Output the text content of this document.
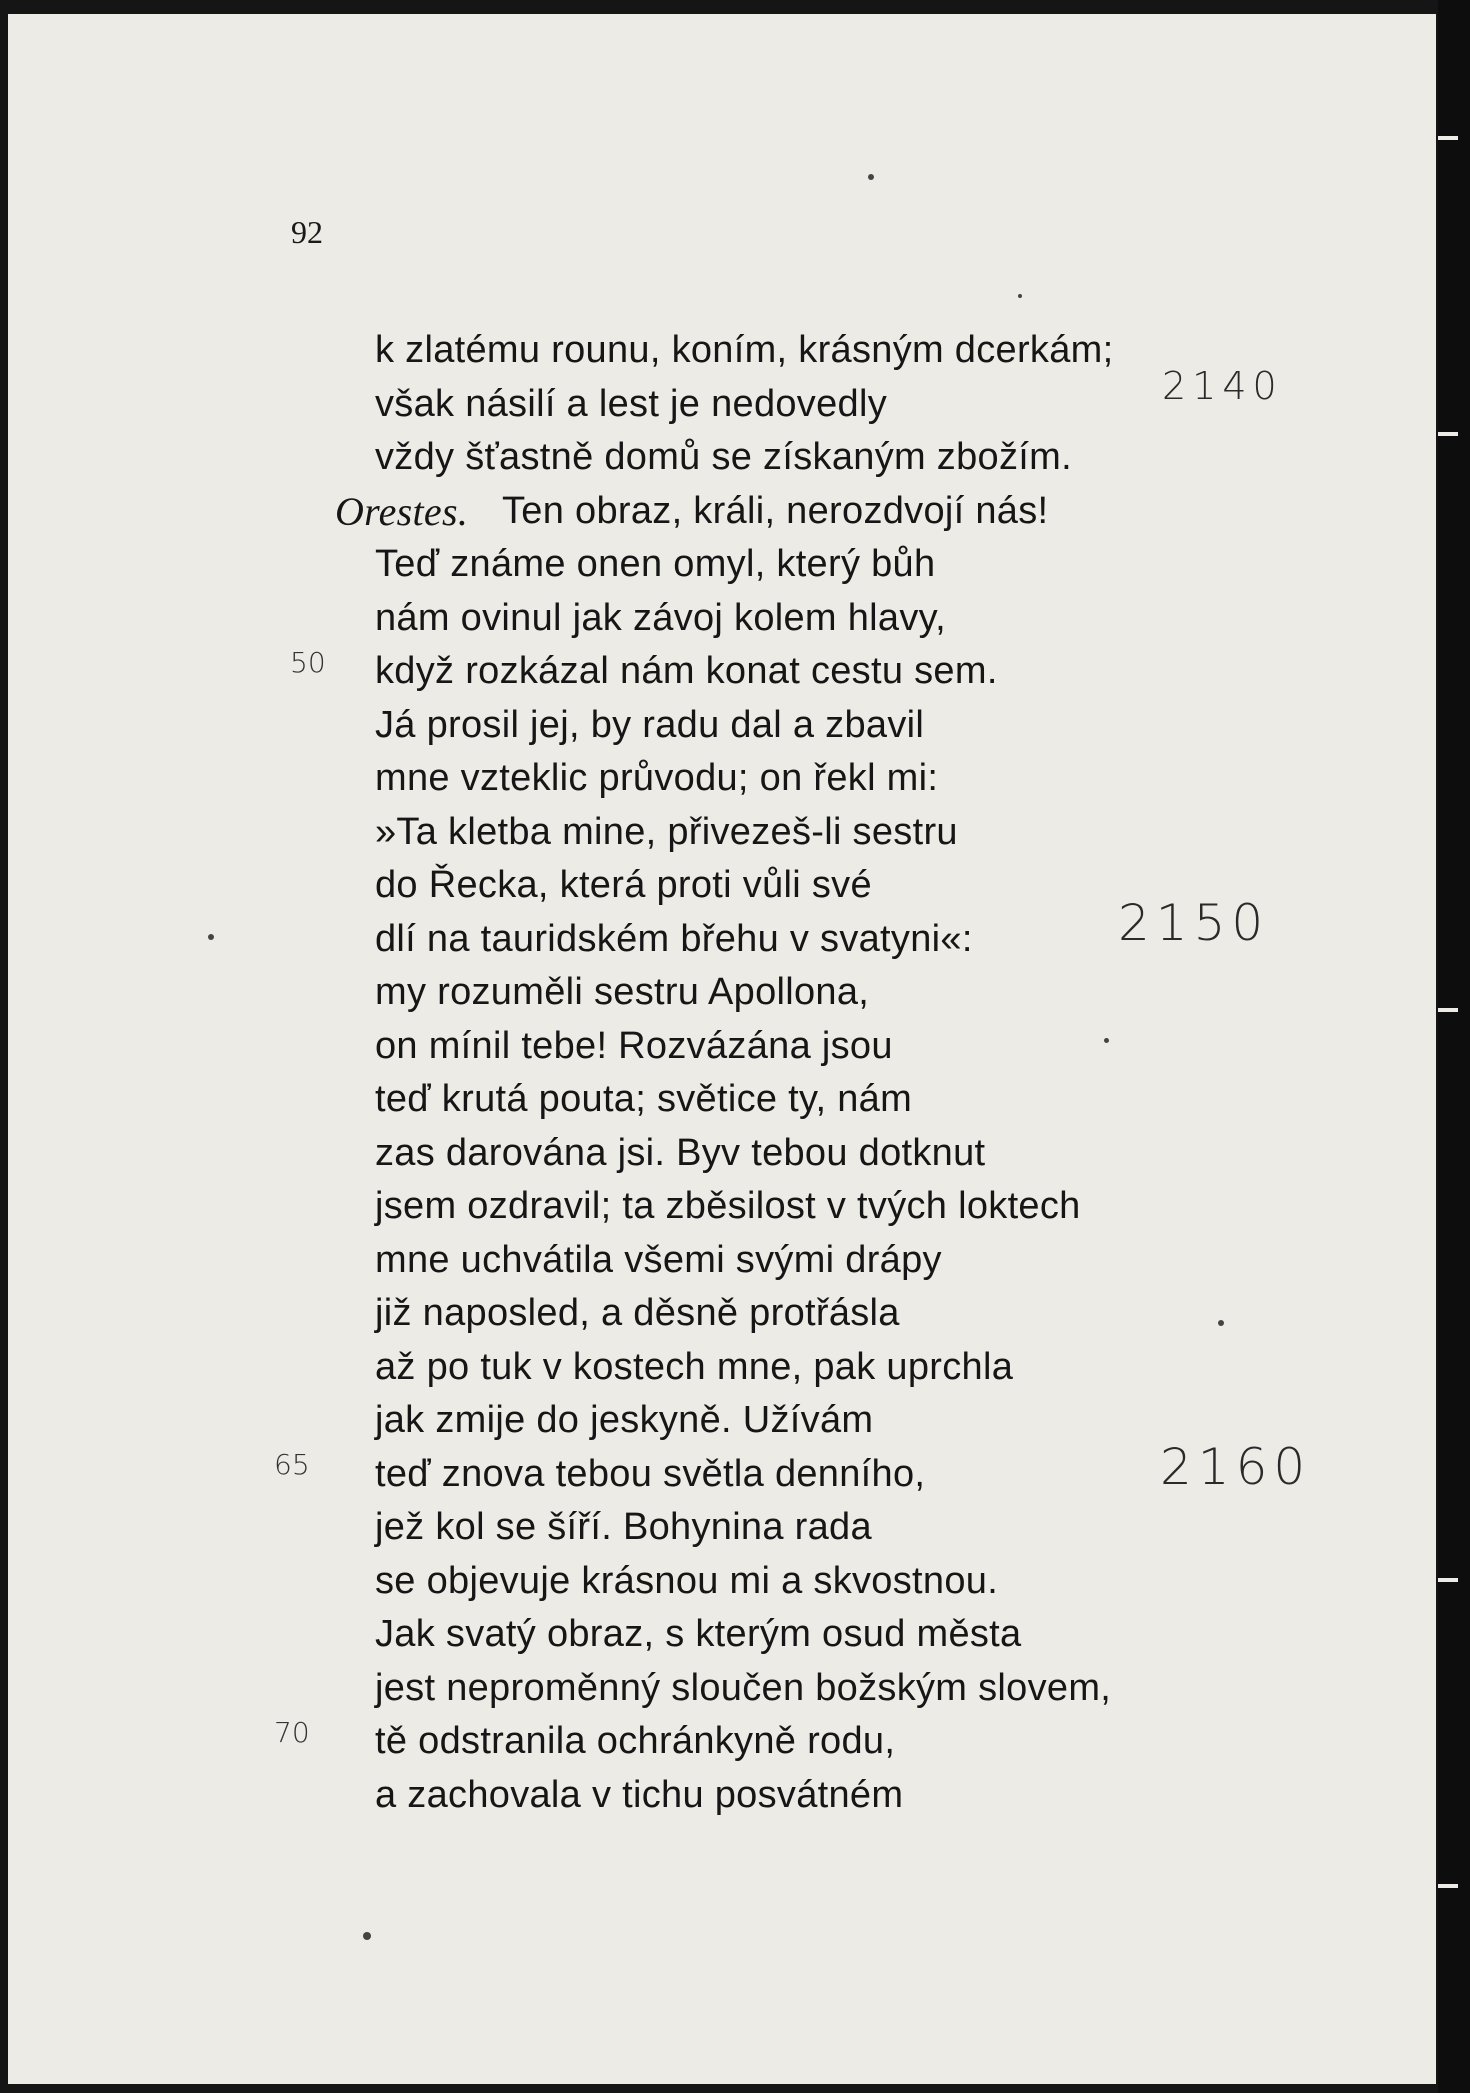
92
k zlatému rounu, koním, krásným dcerkám;
však násilí a lest je nedovedly
vždy šťastně domů se získaným zbožím.
Orestes. Ten obraz, králi, nerozdvojí nás!
Teď známe onen omyl, který bůh
nám ovinul jak závoj kolem hlavy,
když rozkázal nám konat cestu sem.
Já prosil jej, by radu dal a zbavil
mne vzteklic průvodu; on řekl mi:
»Ta kletba mine, přivezeš-li sestru
do Řecka, která proti vůli své
dlí na tauridském břehu v svatyni«:
my rozuměli sestru Apollona,
on mínil tebe! Rozvázána jsou
teď krutá pouta; světice ty, nám
zas darována jsi. Byv tebou dotknut
jsem ozdravil; ta zběsilost v tvých loktech
mne uchvátila všemi svými drápy
již naposled, a děsně protřásla
až po tuk v kostech mne, pak uprchla
jak zmije do jeskyně. Užívám
teď znova tebou světla denního,
jež kol se šíří. Bohynina rada
se objevuje krásnou mi a skvostnou.
Jak svatý obraz, s kterým osud města
jest neproměnný sloučen božským slovem,
tě odstranila ochránkyně rodu,
a zachovala v tichu posvátném
50
65
70
2140
2150
2160
